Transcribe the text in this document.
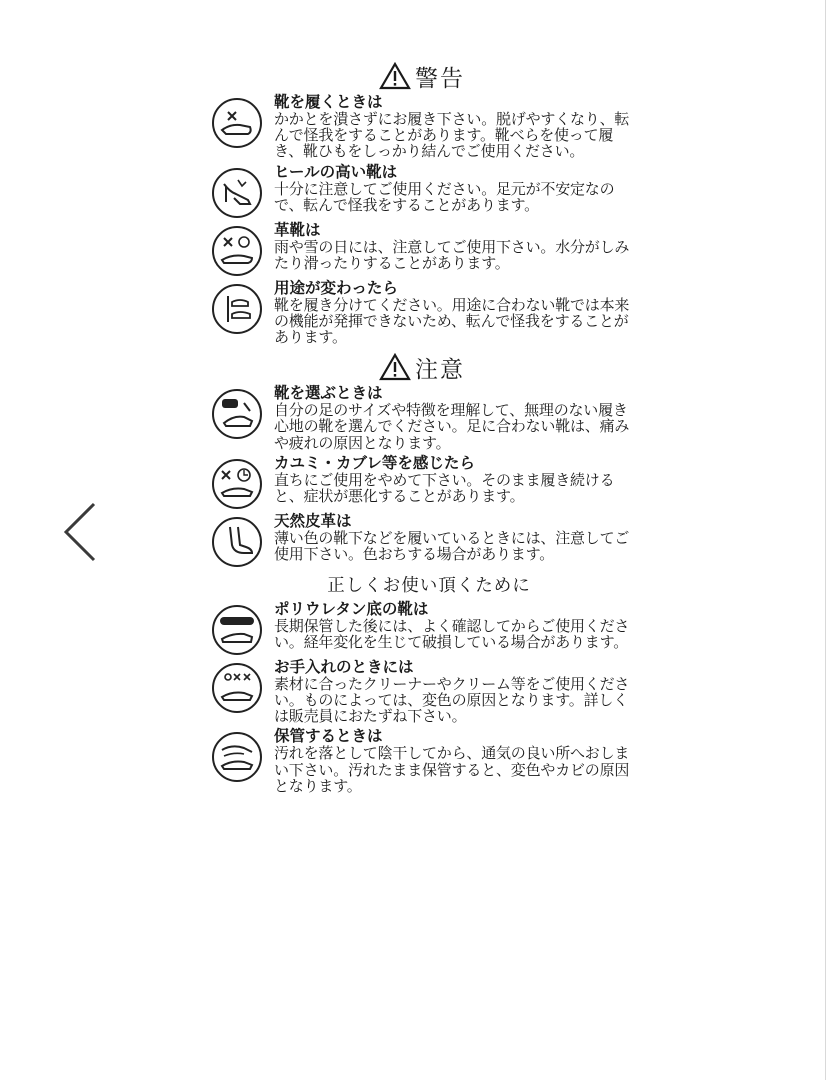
警告
靴を履くときは
かかとを潰さずにお履き下さい。脱げやすくなり、転んで怪我をすることがあります。靴べらを使って履き、靴ひもをしっかり結んでご使用ください。
ヒールの高い靴は
十分に注意してご使用ください。足元が不安定なので、転んで怪我をすることがあります。
革靴は
雨や雪の日には、注意してご使用下さい。水分がしみたり滑ったりすることがあります。
用途が変わったら
靴を履き分けてください。用途に合わない靴では本来の機能が発揮できないため、転んで怪我をすることがあります。
注意
靴を選ぶときは
自分の足のサイズや特徴を理解して、無理のない履き心地の靴を選んでください。足に合わない靴は、痛みや疲れの原因となります。
カユミ・カブレ等を感じたら
直ちにご使用をやめて下さい。そのまま履き続けると、症状が悪化することがあります。
天然皮革は
薄い色の靴下などを履いているときには、注意してご使用下さい。色おちする場合があります。
正しくお使い頂くために
ポリウレタン底の靴は
長期保管した後には、よく確認してからご使用ください。経年変化を生じて破損している場合があります。
お手入れのときには
素材に合ったクリーナーやクリーム等をご使用ください。ものによっては、変色の原因となります。詳しくは販売員におたずね下さい。
保管するときは
汚れを落として陰干してから、通気の良い所へおしまい下さい。汚れたまま保管すると、変色やカビの原因となります。
